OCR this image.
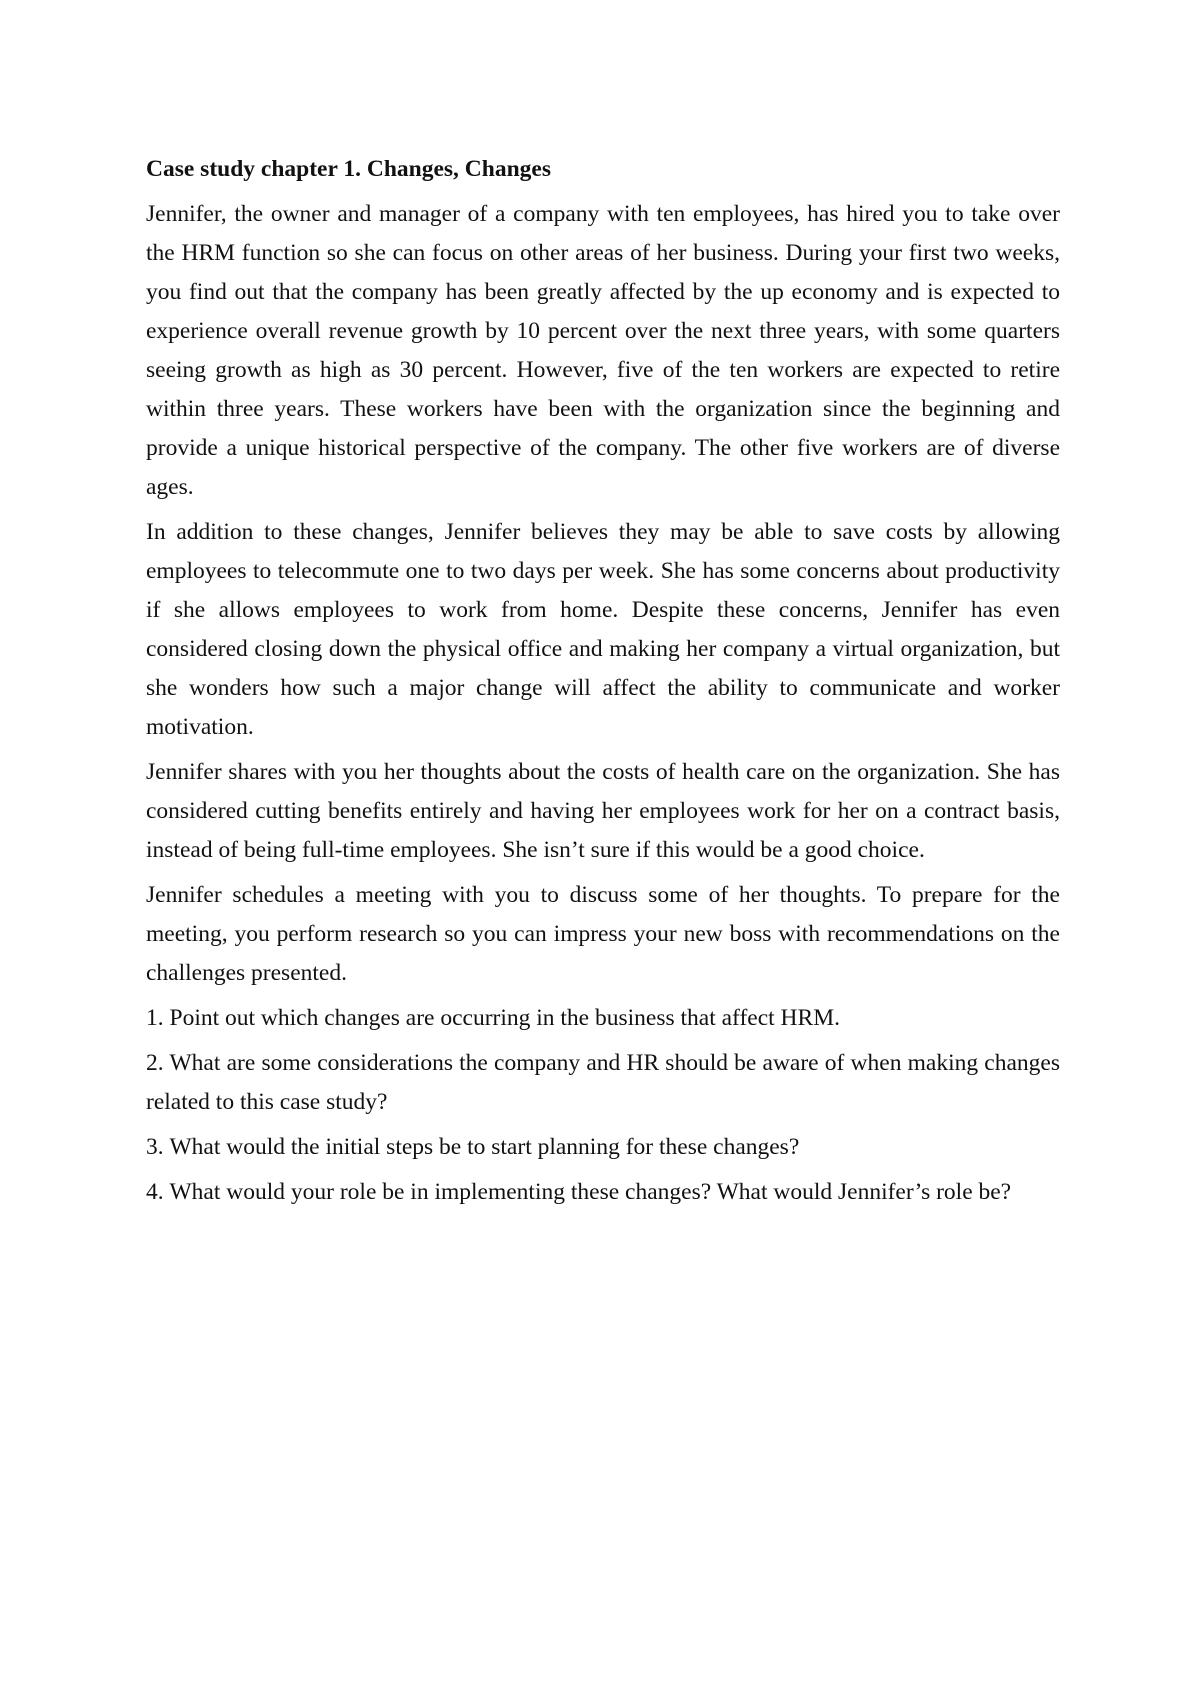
Case study chapter 1. Changes, Changes

Jennifer, the owner and manager of a company with ten employees, has hired you to take over the HRM function so she can focus on other areas of her business. During your first two weeks, you find out that the company has been greatly affected by the up economy and is expected to experience overall revenue growth by 10 percent over the next three years, with some quarters seeing growth as high as 30 percent. However, five of the ten workers are expected to retire within three years. These workers have been with the organization since the beginning and provide a unique historical perspective of the company. The other five workers are of diverse ages.

In addition to these changes, Jennifer believes they may be able to save costs by allowing employees to telecommute one to two days per week. She has some concerns about productivity if she allows employees to work from home. Despite these concerns, Jennifer has even considered closing down the physical office and making her company a virtual organization, but she wonders how such a major change will affect the ability to communicate and worker motivation.

Jennifer shares with you her thoughts about the costs of health care on the organization. She has considered cutting benefits entirely and having her employees work for her on a contract basis, instead of being full-time employees. She isn’t sure if this would be a good choice.

Jennifer schedules a meeting with you to discuss some of her thoughts. To prepare for the meeting, you perform research so you can impress your new boss with recommendations on the challenges presented.

1. Point out which changes are occurring in the business that affect HRM.

2. What are some considerations the company and HR should be aware of when making changes related to this case study?

3. What would the initial steps be to start planning for these changes?

4. What would your role be in implementing these changes? What would Jennifer’s role be?
